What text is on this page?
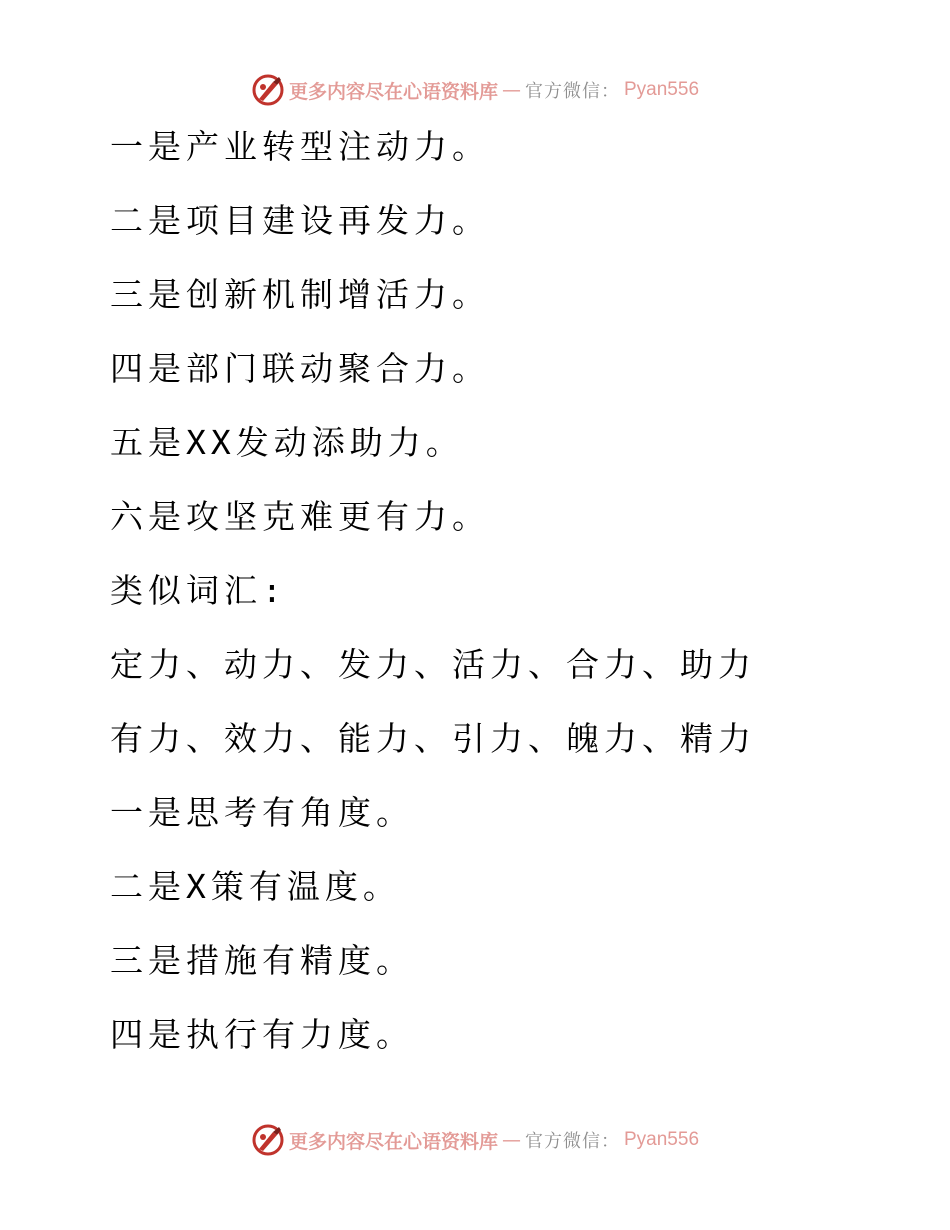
更多内容尽在心语资料库 — 官方微信： Pyan556
一是产业转型注动力。
二是项目建设再发力。
三是创新机制增活力。
四是部门联动聚合力。
五是XX发动添助力。
六是攻坚克难更有力。
类似词汇:
定力、动力、发力、活力、合力、助力
有力、效力、能力、引力、魄力、精力
一是思考有角度。
二是X策有温度。
三是措施有精度。
四是执行有力度。
更多内容尽在心语资料库 — 官方微信： Pyan556
